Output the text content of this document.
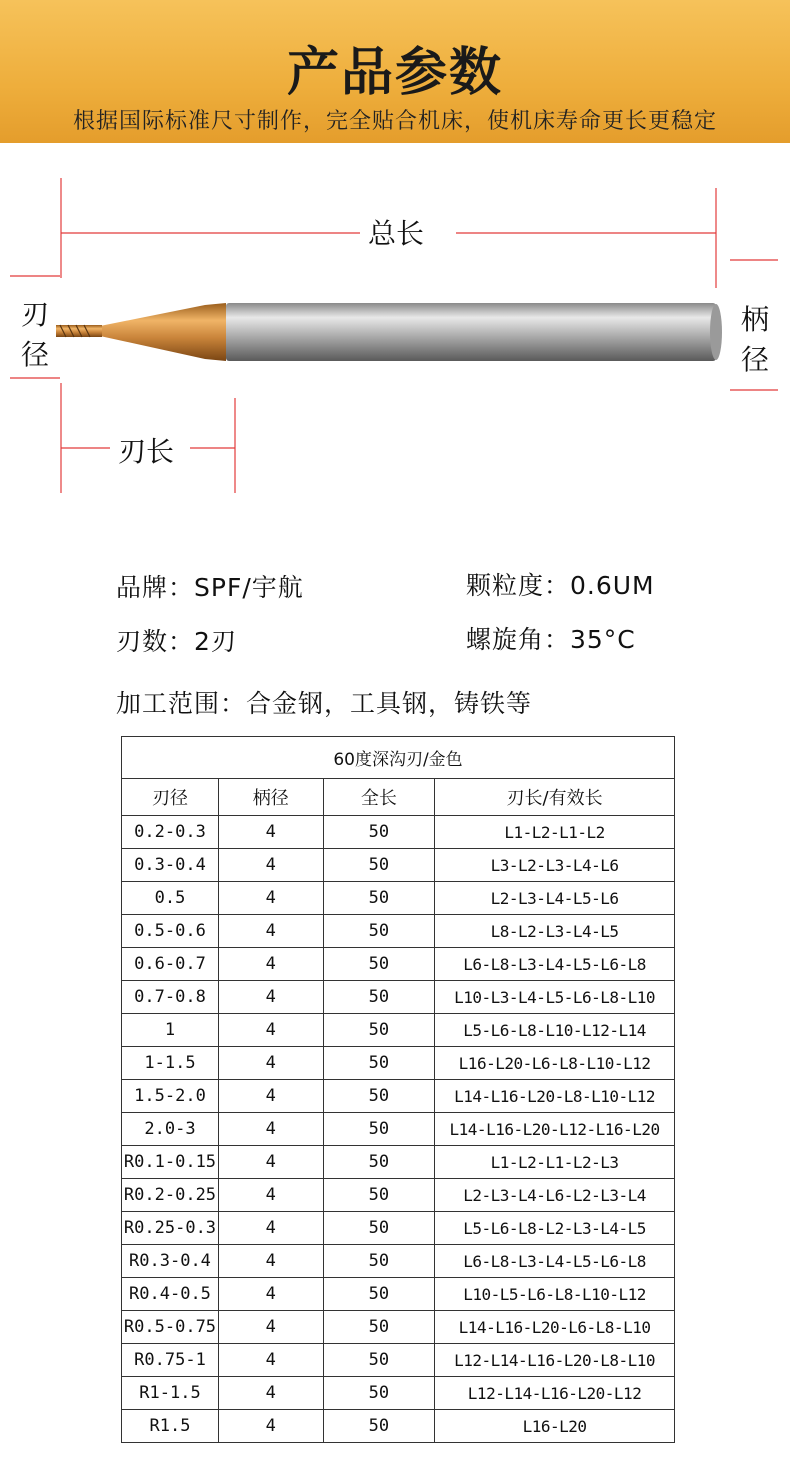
产品参数
根据国际标准尺寸制作，完全贴合机床，使机床寿命更长更稳定
总长
刃径
柄径
刃长
品牌：SPF/宇航	颗粒度：0.6UM
刃数：2刃	螺旋角：35°C
加工范围：合金钢，工具钢，铸铁等
60度深沟刃/金色			
刃径	柄径	全长	刃长/有效长
0.2-0.3	4	50	L1-L2-L1-L2
0.3-0.4	4	50	L3-L2-L3-L4-L6
0.5	4	50	L2-L3-L4-L5-L6
0.5-0.6	4	50	L8-L2-L3-L4-L5
0.6-0.7	4	50	L6-L8-L3-L4-L5-L6-L8
0.7-0.8	4	50	L10-L3-L4-L5-L6-L8-L10
1	4	50	L5-L6-L8-L10-L12-L14
1-1.5	4	50	L16-L20-L6-L8-L10-L12
1.5-2.0	4	50	L14-L16-L20-L8-L10-L12
2.0-3	4	50	L14-L16-L20-L12-L16-L20
R0.1-0.15	4	50	L1-L2-L1-L2-L3
R0.2-0.25	4	50	L2-L3-L4-L6-L2-L3-L4
R0.25-0.3	4	50	L5-L6-L8-L2-L3-L4-L5
R0.3-0.4	4	50	L6-L8-L3-L4-L5-L6-L8
R0.4-0.5	4	50	L10-L5-L6-L8-L10-L12
R0.5-0.75	4	50	L14-L16-L20-L6-L8-L10
R0.75-1	4	50	L12-L14-L16-L20-L8-L10
R1-1.5	4	50	L12-L14-L16-L20-L12
R1.5	4	50	L16-L20
